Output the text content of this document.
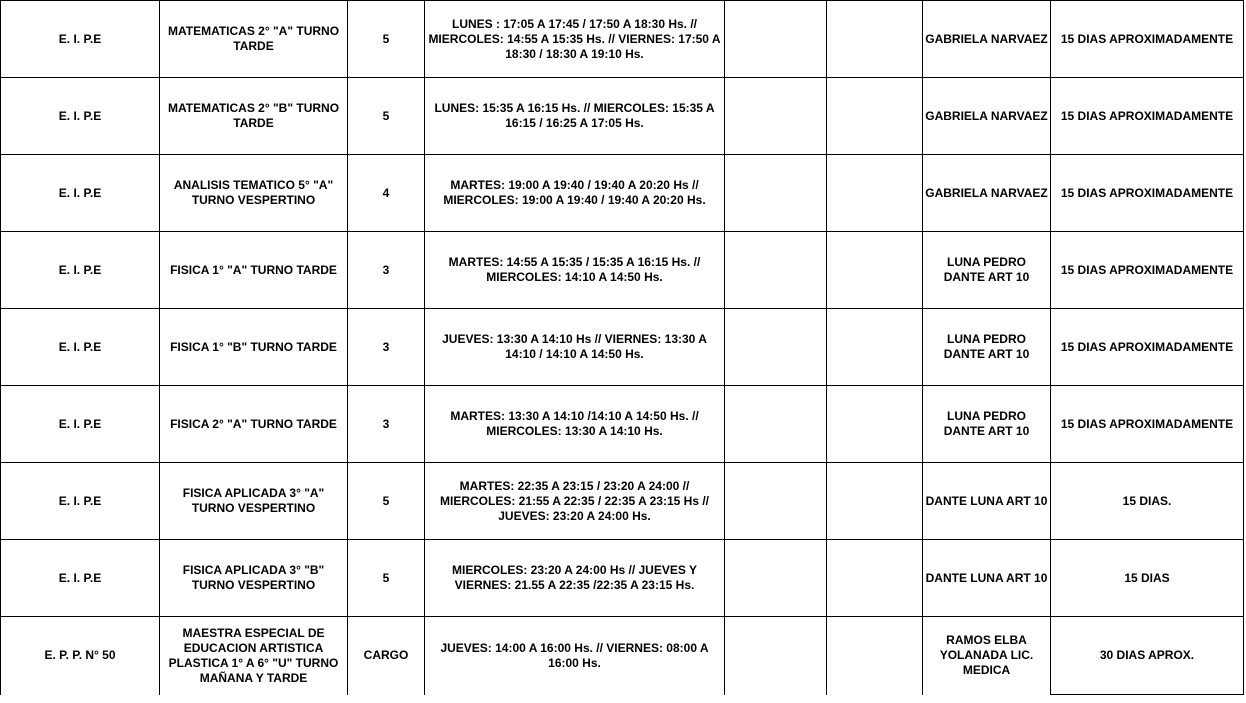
E. I. P.E	MATEMATICAS 2° "A" TURNO TARDE	5	LUNES : 17:05 A 17:45 / 17:50 A 18:30 Hs. // MIERCOLES: 14:55 A 15:35 Hs. // VIERNES: 17:50 A 18:30 / 18:30 A 19:10 Hs.			GABRIELA NARVAEZ	15 DIAS APROXIMADAMENTE
E. I. P.E	MATEMATICAS 2° "B" TURNO TARDE	5	LUNES: 15:35 A 16:15 Hs. // MIERCOLES: 15:35 A 16:15 / 16:25 A 17:05 Hs.			GABRIELA NARVAEZ	15 DIAS APROXIMADAMENTE
E. I. P.E	ANALISIS TEMATICO 5° "A" TURNO VESPERTINO	4	MARTES: 19:00 A 19:40 / 19:40 A 20:20 Hs // MIERCOLES: 19:00 A 19:40 / 19:40 A 20:20 Hs.			GABRIELA NARVAEZ	15 DIAS APROXIMADAMENTE
E. I. P.E	FISICA 1° "A" TURNO TARDE	3	MARTES: 14:55 A 15:35 / 15:35 A 16:15 Hs. // MIERCOLES: 14:10 A 14:50 Hs.			LUNA PEDRO DANTE ART 10	15 DIAS APROXIMADAMENTE
E. I. P.E	FISICA 1° "B" TURNO TARDE	3	JUEVES: 13:30 A 14:10 Hs // VIERNES: 13:30 A 14:10 / 14:10 A 14:50 Hs.			LUNA PEDRO DANTE ART 10	15 DIAS APROXIMADAMENTE
E. I. P.E	FISICA 2° "A" TURNO TARDE	3	MARTES: 13:30 A 14:10 /14:10 A 14:50 Hs. // MIERCOLES: 13:30 A 14:10 Hs.			LUNA PEDRO DANTE ART 10	15 DIAS APROXIMADAMENTE
E. I. P.E	FISICA APLICADA 3° "A" TURNO VESPERTINO	5	MARTES: 22:35 A 23:15 / 23:20 A 24:00 // MIERCOLES: 21:55 A 22:35 / 22:35 A 23:15 Hs // JUEVES: 23:20 A 24:00 Hs.			DANTE LUNA ART 10	15 DIAS.
E. I. P.E	FISICA APLICADA 3° "B" TURNO VESPERTINO	5	MIERCOLES: 23:20 A 24:00 Hs // JUEVES Y VIERNES: 21.55 A 22:35 /22:35 A 23:15 Hs.			DANTE LUNA ART 10	15 DIAS
E. P. P. N° 50	MAESTRA ESPECIAL DE EDUCACION ARTISTICA PLASTICA 1° A 6° "U" TURNO MAÑANA Y TARDE	CARGO	JUEVES: 14:00 A 16:00 Hs. // VIERNES: 08:00 A 16:00 Hs.			RAMOS ELBA YOLANADA LIC. MEDICA	30 DIAS APROX.
